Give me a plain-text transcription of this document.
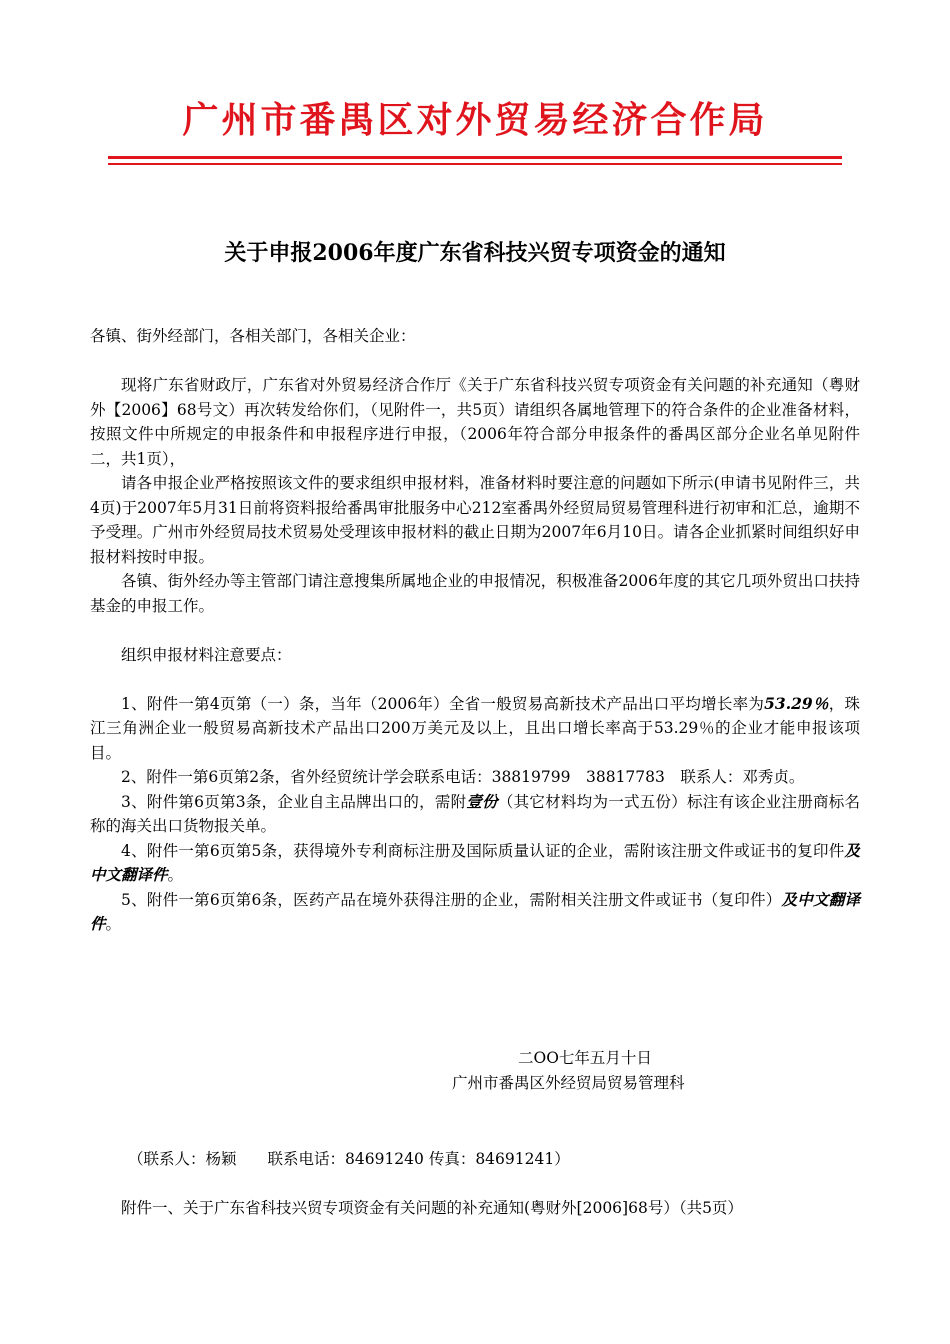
广州市番禺区对外贸易经济合作局
关于申报2006年度广东省科技兴贸专项资金的通知

各镇、街外经部门，各相关部门，各相关企业：

现将广东省财政厅，广东省对外贸易经济合作厅《关于广东省科技兴贸专项资金有关问题的补充通知（粤财外【2006】68号文）再次转发给你们，（见附件一，共5页）请组织各属地管理下的符合条件的企业准备材料，按照文件中所规定的申报条件和申报程序进行申报，（2006年符合部分申报条件的番禺区部分企业名单见附件二，共1页），

请各申报企业严格按照该文件的要求组织申报材料，准备材料时要注意的问题如下所示(申请书见附件三，共4页)于2007年5月31日前将资料报给番禺审批服务中心212室番禺外经贸局贸易管理科进行初审和汇总，逾期不予受理。广州市外经贸局技术贸易处受理该申报材料的截止日期为2007年6月10日。请各企业抓紧时间组织好申报材料按时申报。

各镇、街外经办等主管部门请注意搜集所属地企业的申报情况，积极准备2006年度的其它几项外贸出口扶持基金的申报工作。

组织申报材料注意要点：

1、附件一第4页第（一）条，当年（2006年）全省一般贸易高新技术产品出口平均增长率为53.29％，珠江三角洲企业一般贸易高新技术产品出口200万美元及以上，且出口增长率高于53.29％的企业才能申报该项目。

2、附件一第6页第2条，省外经贸统计学会联系电话：38819799　38817783　联系人：邓秀贞。

3、附件第6页第3条，企业自主品牌出口的，需附壹份（其它材料均为一式五份）标注有该企业注册商标名称的海关出口货物报关单。

4、附件一第6页第5条，获得境外专利商标注册及国际质量认证的企业，需附该注册文件或证书的复印件及中文翻译件。

5、附件一第6页第6条，医药产品在境外获得注册的企业，需附相关注册文件或证书（复印件）及中文翻译件。

二OO七年五月十日
广州市番禺区外经贸局贸易管理科
（联系人：杨颖　　联系电话：84691240 传真：84691241）

附件一、关于广东省科技兴贸专项资金有关问题的补充通知(粤财外[2006]68号）（共5页）
